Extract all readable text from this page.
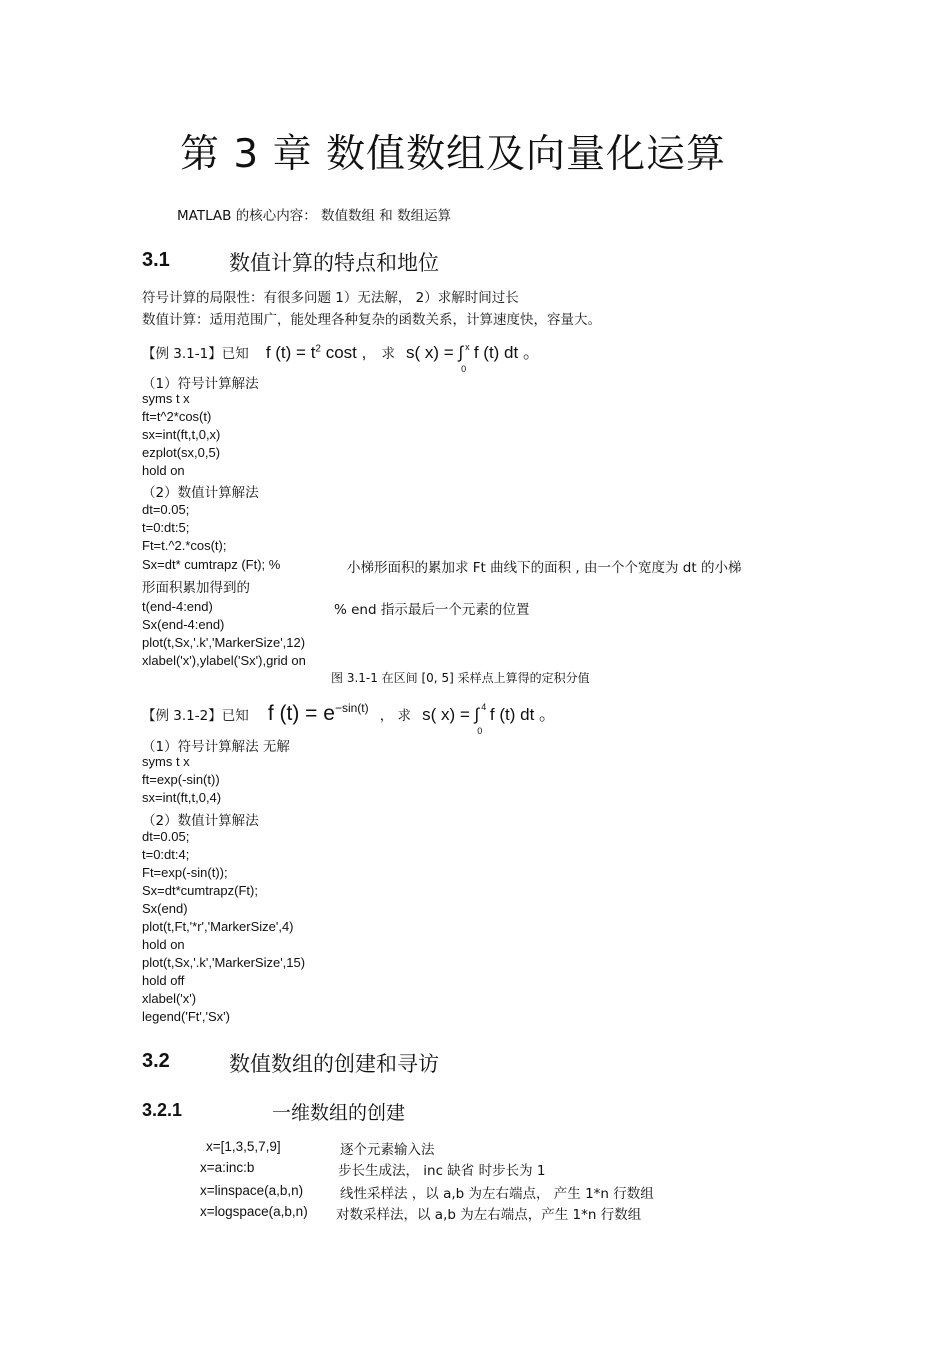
第 3 章 数值数组及向量化运算
MATLAB 的核心内容： 数值数组 和 数组运算
3.1	数值计算的特点和地位
符号计算的局限性：有很多问题 1）无法解， 2）求解时间过长
数值计算：适用范围广，能处理各种复杂的函数关系，计算速度快，容量大。
【例 3.1-1】已知 f $(t) = t^2$ cost , 求 s( x) = ∫ x
0
f (t) dt 。
（1）符号计算解法
syms t x
ft=t^2*cos(t)
sx=int(ft,t,0,x)
ezplot(sx,0,5)
hold on
（2）数值计算解法
dt=0.05;
t=0:dt:5;
Ft=t.^2.*cos(t);
Sx=dt* cumtrapz (Ft); %	小梯形面积的累加求 Ft 曲线下的面积 , 由一个个宽度为 dt 的小梯
形面积累加得到的
t(end-4:end)	% end 指示最后一个元素的位置
Sx(end-4:end)
plot(t,Sx,'.k','MarkerSize',12)
xlabel('x'),ylabel('Sx'),grid on
图 3.1-1 在区间 [0, 5] 采样点上算得的定积分值
【例 3.1-2】已知 f $(t) = e^{-sin(t)}$ ， 求 s( x) = ∫ 4
0
f (t) dt 。
（1）符号计算解法 无解
syms t x
ft=exp(-sin(t))
sx=int(ft,t,0,4)
（2）数值计算解法
dt=0.05;
t=0:dt:4;
Ft=exp(-sin(t));
Sx=dt*cumtrapz(Ft);
Sx(end)
plot(t,Ft,'*r','MarkerSize',4)
hold on
plot(t,Sx,'.k','MarkerSize',15)
hold off
xlabel('x')
legend('Ft','Sx')
3.2	数值数组的创建和寻访
3.2.1	一维数组的创建
x=[1,3,5,7,9]	逐个元素输入法
x=a:inc:b	步长生成法， inc 缺省 时步长为 1
x=linspace(a,b,n)	线性采样法 ，以 a,b 为左右端点， 产生 1*n 行数组
x=logspace(a,b,n) 对数采样法，以 a,b 为左右端点，产生 1*n 行数组
